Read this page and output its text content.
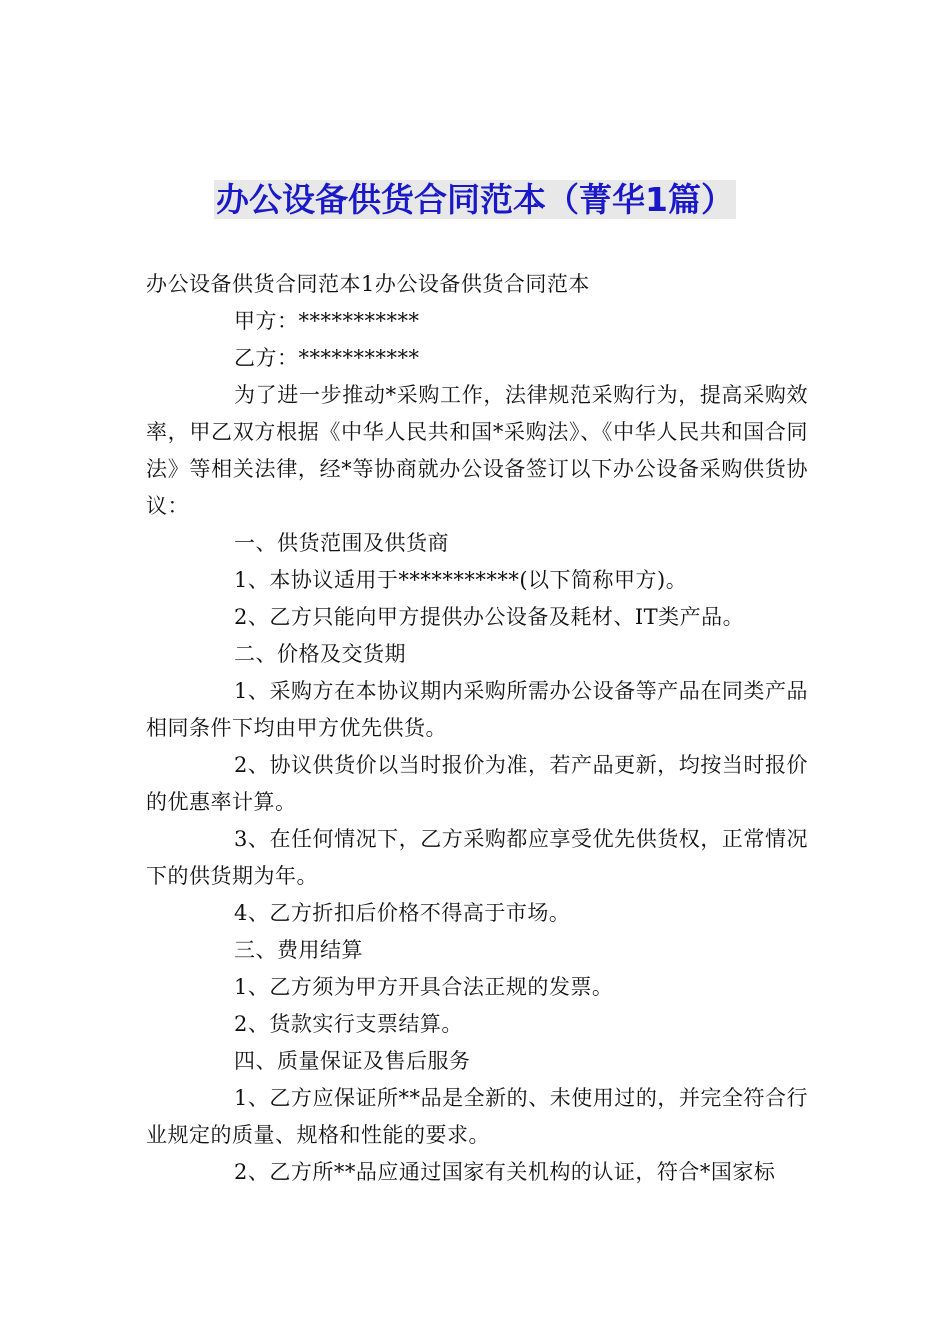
办公设备供货合同范本（菁华1篇）

办公设备供货合同范本1办公设备供货合同范本

甲方：***********

乙方：***********

为了进一步推动*采购工作，法律规范采购行为，提高采购效率，甲乙双方根据《中华人民共和国*采购法》、《中华人民共和国合同法》等相关法律，经*等协商就办公设备签订以下办公设备采购供货协议：

一、供货范围及供货商

1、本协议适用于***********(以下简称甲方)。

2、乙方只能向甲方提供办公设备及耗材、IT类产品。

二、价格及交货期

1、采购方在本协议期内采购所需办公设备等产品在同类产品相同条件下均由甲方优先供货。

2、协议供货价以当时报价为准，若产品更新，均按当时报价的优惠率计算。

3、在任何情况下，乙方采购都应享受优先供货权，正常情况下的供货期为年。

4、乙方折扣后价格不得高于市场。

三、费用结算

1、乙方须为甲方开具合法正规的发票。

2、货款实行支票结算。

四、质量保证及售后服务

1、乙方应保证所**品是全新的、未使用过的，并完全符合行业规定的质量、规格和性能的要求。

2、乙方所**品应通过国家有关机构的认证，符合*国家标
